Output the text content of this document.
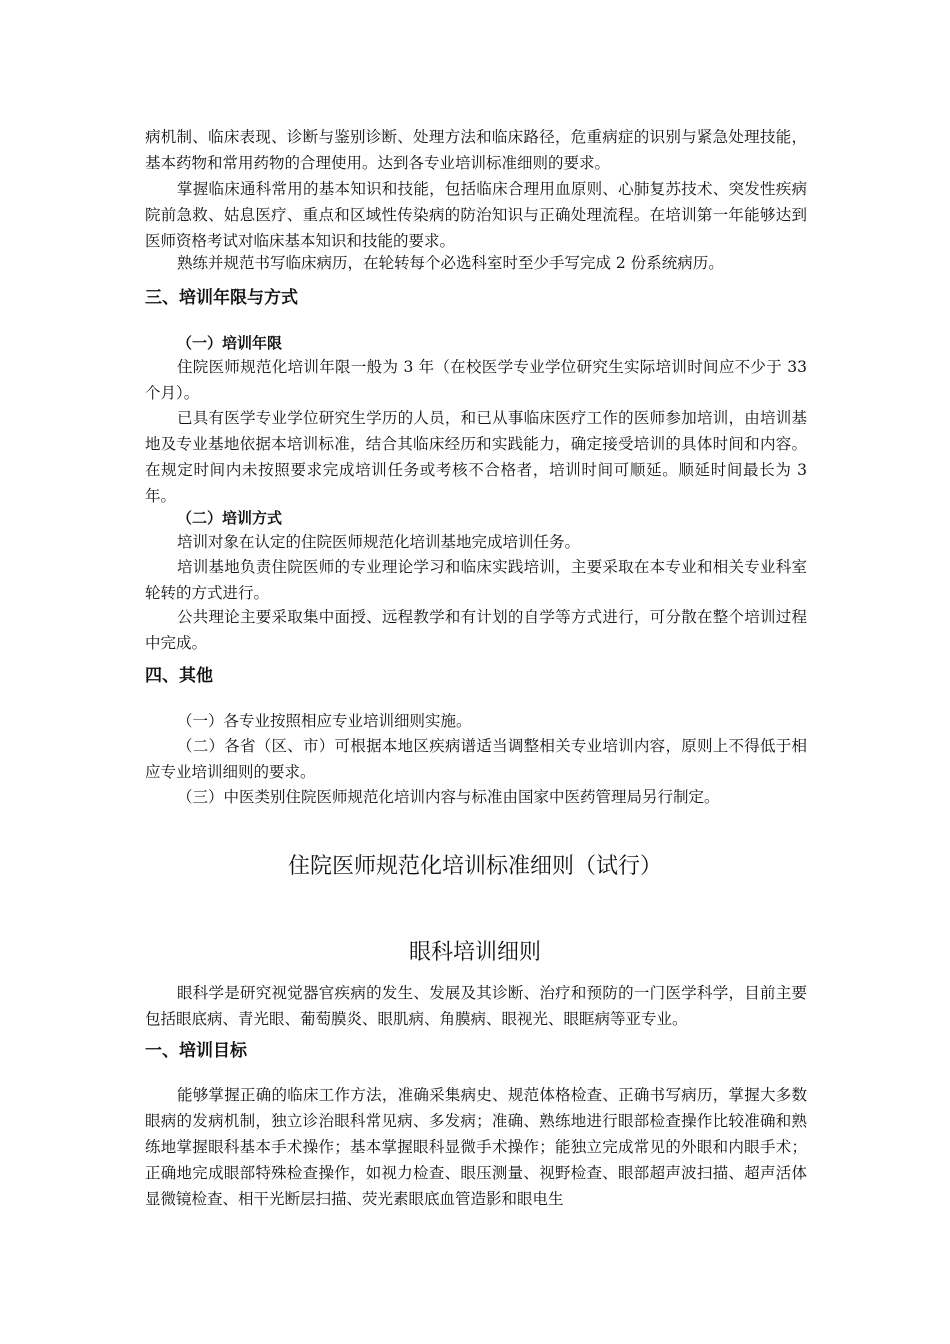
病机制、临床表现、诊断与鉴别诊断、处理方法和临床路径，危重病症的识别与紧急处理技能，基本药物和常用药物的合理使用。达到各专业培训标准细则的要求。

掌握临床通科常用的基本知识和技能，包括临床合理用血原则、心肺复苏技术、突发性疾病院前急救、姑息医疗、重点和区域性传染病的防治知识与正确处理流程。在培训第一年能够达到医师资格考试对临床基本知识和技能的要求。

熟练并规范书写临床病历，在轮转每个必选科室时至少手写完成 2 份系统病历。

三、培训年限与方式
（一）培训年限

住院医师规范化培训年限一般为 3 年（在校医学专业学位研究生实际培训时间应不少于 33 个月）。

已具有医学专业学位研究生学历的人员，和已从事临床医疗工作的医师参加培训，由培训基地及专业基地依据本培训标准，结合其临床经历和实践能力，确定接受培训的具体时间和内容。在规定时间内未按照要求完成培训任务或考核不合格者，培训时间可顺延。顺延时间最长为 3 年。

（二）培训方式

培训对象在认定的住院医师规范化培训基地完成培训任务。

培训基地负责住院医师的专业理论学习和临床实践培训，主要采取在本专业和相关专业科室轮转的方式进行。

公共理论主要采取集中面授、远程教学和有计划的自学等方式进行，可分散在整个培训过程中完成。

四、其他

（一）各专业按照相应专业培训细则实施。

（二）各省（区、市）可根据本地区疾病谱适当调整相关专业培训内容，原则上不得低于相应专业培训细则的要求。

（三）中医类别住院医师规范化培训内容与标准由国家中医药管理局另行制定。

住院医师规范化培训标准细则（试行）
眼科培训细则

眼科学是研究视觉器官疾病的发生、发展及其诊断、治疗和预防的一门医学科学，目前主要包括眼底病、青光眼、葡萄膜炎、眼肌病、角膜病、眼视光、眼眶病等亚专业。

一、培训目标

能够掌握正确的临床工作方法，准确采集病史、规范体格检查、正确书写病历，掌握大多数眼病的发病机制，独立诊治眼科常见病、多发病；准确、熟练地进行眼部检查操作比较准确和熟练地掌握眼科基本手术操作；基本掌握眼科显微手术操作；能独立完成常见的外眼和内眼手术；正确地完成眼部特殊检查操作，如视力检查、眼压测量、视野检查、眼部超声波扫描、超声活体显微镜检查、相干光断层扫描、荧光素眼底血管造影和眼电生
